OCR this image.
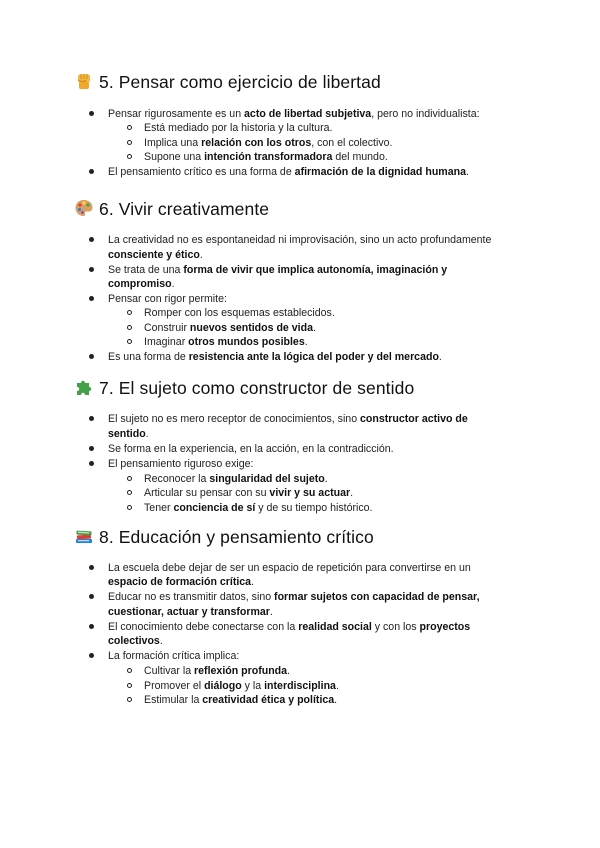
5. Pensar como ejercicio de libertad
Pensar rigurosamente es un acto de libertad subjetiva, pero no individualista:
Está mediado por la historia y la cultura.
Implica una relación con los otros, con el colectivo.
Supone una intención transformadora del mundo.
El pensamiento crítico es una forma de afirmación de la dignidad humana.
6. Vivir creativamente
La creatividad no es espontaneidad ni improvisación, sino un acto profundamente
consciente y ético.
Se trata de una forma de vivir que implica autonomía, imaginación y
compromiso.
Pensar con rigor permite:
Romper con los esquemas establecidos.
Construir nuevos sentidos de vida.
Imaginar otros mundos posibles.
Es una forma de resistencia ante la lógica del poder y del mercado.
7. El sujeto como constructor de sentido
El sujeto no es mero receptor de conocimientos, sino constructor activo de
sentido.
Se forma en la experiencia, en la acción, en la contradicción.
El pensamiento riguroso exige:
Reconocer la singularidad del sujeto.
Articular su pensar con su vivir y su actuar.
Tener conciencia de sí y de su tiempo histórico.
8. Educación y pensamiento crítico
La escuela debe dejar de ser un espacio de repetición para convertirse en un
espacio de formación crítica.
Educar no es transmitir datos, sino formar sujetos con capacidad de pensar,
cuestionar, actuar y transformar.
El conocimiento debe conectarse con la realidad social y con los proyectos
colectivos.
La formación crítica implica:
Cultivar la reflexión profunda.
Promover el diálogo y la interdisciplina.
Estimular la creatividad ética y política.
